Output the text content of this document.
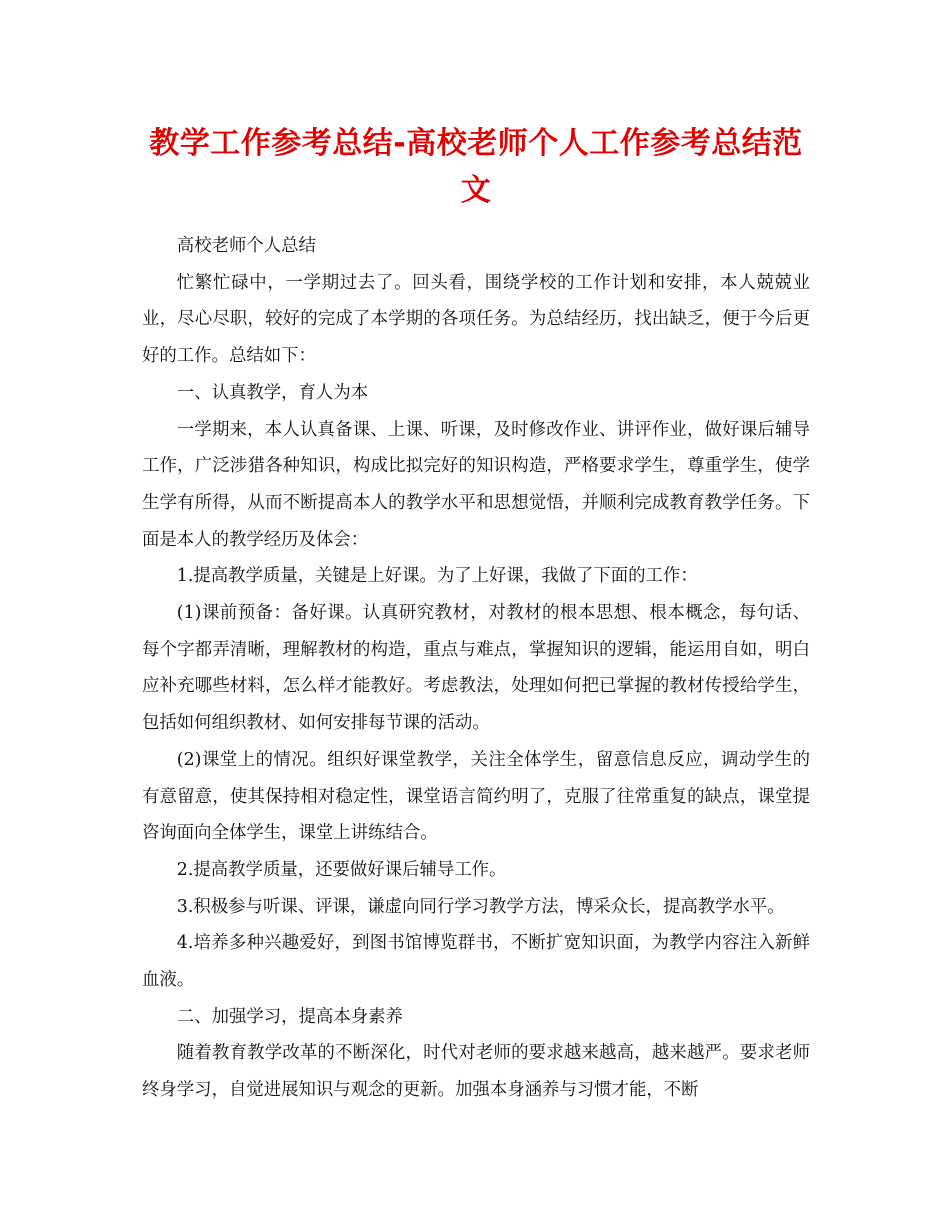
教学工作参考总结-高校老师个人工作参考总结范文

高校老师个人总结

忙繁忙碌中，一学期过去了。回头看，围绕学校的工作计划和安排，本人兢兢业业，尽心尽职，较好的完成了本学期的各项任务。为总结经历，找出缺乏，便于今后更好的工作。总结如下：

一、认真教学，育人为本

一学期来，本人认真备课、上课、听课，及时修改作业、讲评作业，做好课后辅导工作，广泛涉猎各种知识，构成比拟完好的知识构造，严格要求学生，尊重学生，使学生学有所得，从而不断提高本人的教学水平和思想觉悟，并顺利完成教育教学任务。下面是本人的教学经历及体会：

1.提高教学质量，关键是上好课。为了上好课，我做了下面的工作：

(1)课前预备：备好课。认真研究教材，对教材的根本思想、根本概念，每句话、每个字都弄清晰，理解教材的构造，重点与难点，掌握知识的逻辑，能运用自如，明白应补充哪些材料，怎么样才能教好。考虑教法，处理如何把已掌握的教材传授给学生，包括如何组织教材、如何安排每节课的活动。

(2)课堂上的情况。组织好课堂教学，关注全体学生，留意信息反应，调动学生的有意留意，使其保持相对稳定性，课堂语言简约明了，克服了往常重复的缺点，课堂提咨询面向全体学生，课堂上讲练结合。

2.提高教学质量，还要做好课后辅导工作。

3.积极参与听课、评课，谦虚向同行学习教学方法，博采众长，提高教学水平。

4.培养多种兴趣爱好，到图书馆博览群书，不断扩宽知识面，为教学内容注入新鲜血液。

二、加强学习，提高本身素养

随着教育教学改革的不断深化，时代对老师的要求越来越高，越来越严。要求老师终身学习，自觉进展知识与观念的更新。加强本身涵养与习惯才能，不断
